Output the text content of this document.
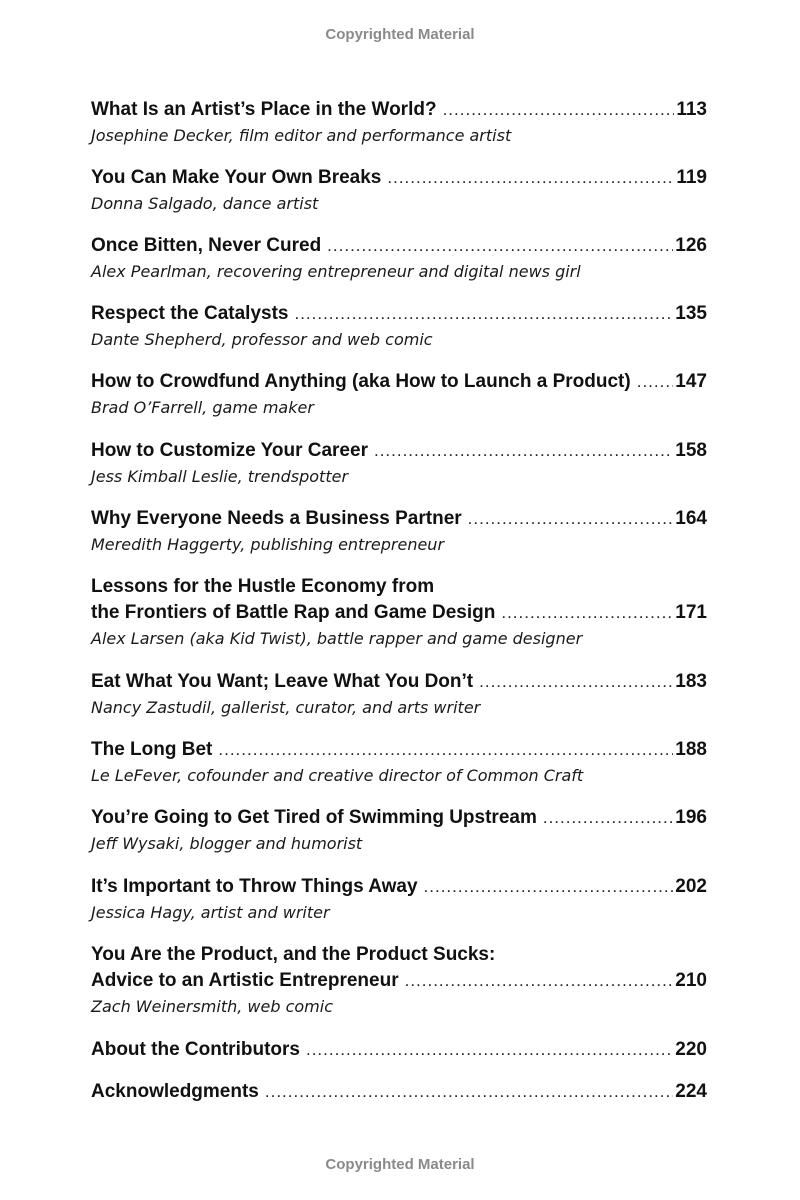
Copyrighted Material
What Is an Artist’s Place in the World? .....	113
Josephine Decker, film editor and performance artist
You Can Make Your Own Breaks .....	119
Donna Salgado, dance artist
Once Bitten, Never Cured .....	126
Alex Pearlman, recovering entrepreneur and digital news girl
Respect the Catalysts .....	135
Dante Shepherd, professor and web comic
How to Crowdfund Anything (aka How to Launch a Product) ..... 147
Brad O’Farrell, game maker
How to Customize Your Career .....	158
Jess Kimball Leslie, trendspotter
Why Everyone Needs a Business Partner .....	164
Meredith Haggerty, publishing entrepreneur
Lessons for the Hustle Economy from
the Frontiers of Battle Rap and Game Design .....	171
Alex Larsen (aka Kid Twist), battle rapper and game designer
Eat What You Want; Leave What You Don’t .....	183
Nancy Zastudil, gallerist, curator, and arts writer
The Long Bet .....	188
Le LeFever, cofounder and creative director of Common Craft
You’re Going to Get Tired of Swimming Upstream .....	196
Jeff Wysaki, blogger and humorist
It’s Important to Throw Things Away .....	202
Jessica Hagy, artist and writer
You Are the Product, and the Product Sucks:
Advice to an Artistic Entrepreneur .....	210
Zach Weinersmith, web comic
About the Contributors .....	220
Acknowledgments .....	224
Copyrighted Material
